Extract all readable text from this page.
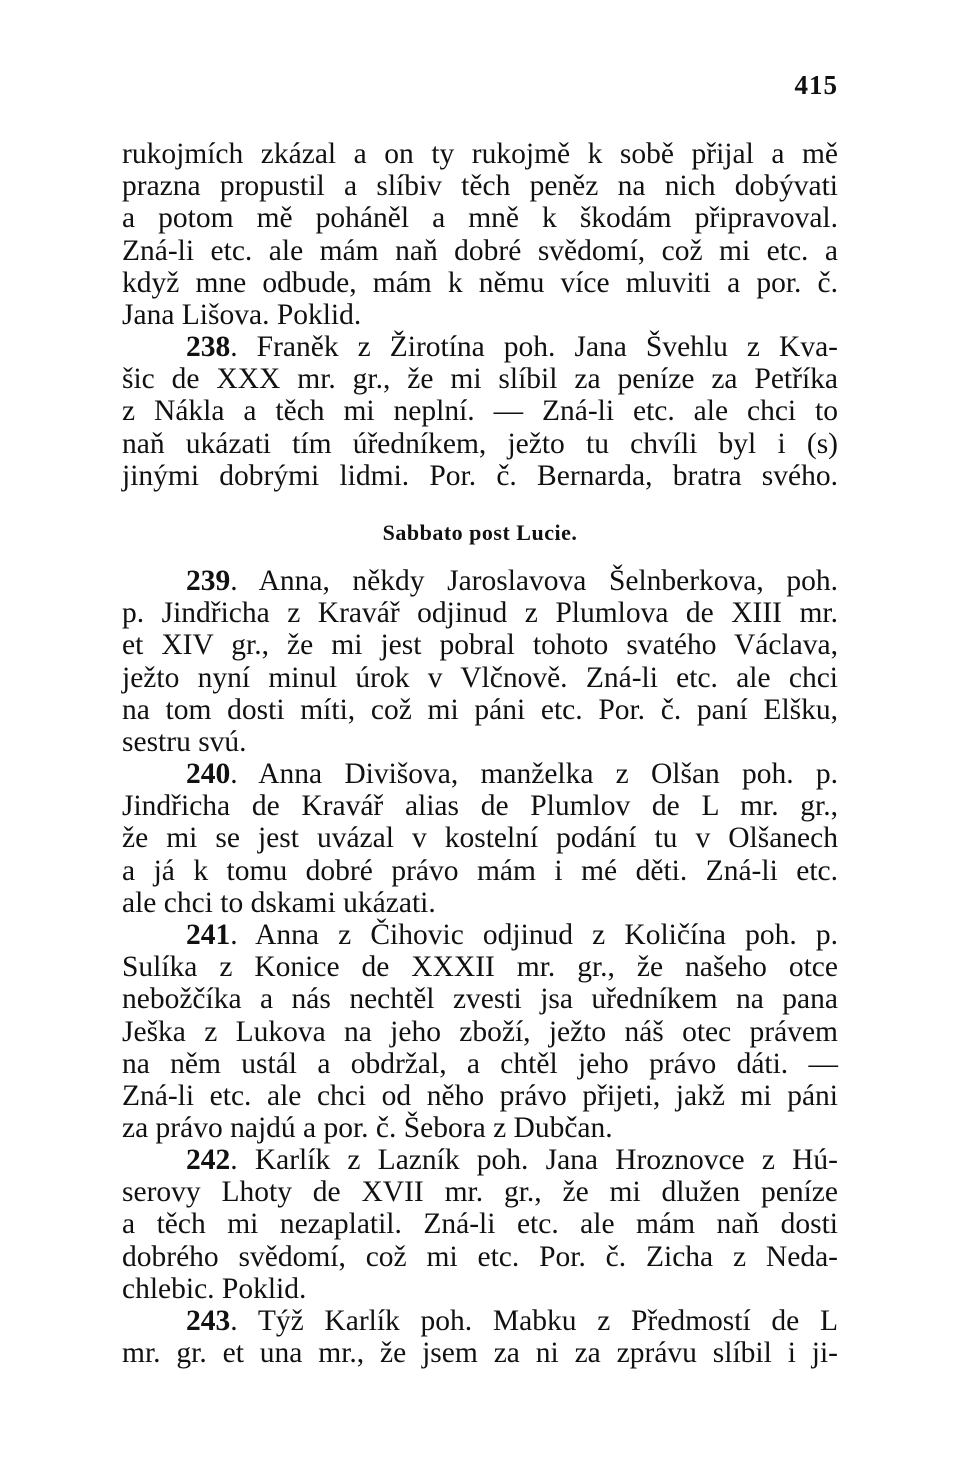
415
rukojmích zkázal a on ty rukojmě k sobě přijal a mě
prazna propustil a slíbiv těch peněz na nich dobývati
a potom mě poháněl a mně k škodám připravoval.
Zná-li etc. ale mám naň dobré svědomí, což mi etc. a
když mne odbude, mám k němu více mluviti a por. č.
Jana Lišova. Poklid.
238. Franěk z Žirotína poh. Jana Švehlu z Kva-
šic de XXX mr. gr., že mi slíbil za peníze za Petříka
z Nákla a těch mi neplní. — Zná-li etc. ale chci to
naň ukázati tím úředníkem, ježto tu chvíli byl i (s)
jinými dobrými lidmi. Por. č. Bernarda, bratra svého.
Sabbato post Lucie.
239. Anna, někdy Jaroslavova Šelnberkova, poh.
p. Jindřicha z Kravář odjinud z Plumlova de XIII mr.
et XIV gr., že mi jest pobral tohoto svatého Václava,
ježto nyní minul úrok v Vlčnově. Zná-li etc. ale chci
na tom dosti míti, což mi páni etc. Por. č. paní Elšku,
sestru svú.
240. Anna Divišova, manželka z Olšan poh. p.
Jindřicha de Kravář alias de Plumlov de L mr. gr.,
že mi se jest uvázal v kostelní podání tu v Olšanech
a já k tomu dobré právo mám i mé děti. Zná-li etc.
ale chci to dskami ukázati.
241. Anna z Čihovic odjinud z Količína poh. p.
Sulíka z Konice de XXXII mr. gr., že našeho otce
nebožčíka a nás nechtěl zvesti jsa uředníkem na pana
Ješka z Lukova na jeho zboží, ježto náš otec právem
na něm ustál a obdržal, a chtěl jeho právo dáti. —
Zná-li etc. ale chci od něho právo přijeti, jakž mi páni
za právo najdú a por. č. Šebora z Dubčan.
242. Karlík z Lazník poh. Jana Hroznovce z Hú-
serovy Lhoty de XVII mr. gr., že mi dlužen peníze
a těch mi nezaplatil. Zná-li etc. ale mám naň dosti
dobrého svědomí, což mi etc. Por. č. Zicha z Neda-
chlebic. Poklid.
243. Týž Karlík poh. Mabku z Předmostí de L
mr. gr. et una mr., že jsem za ni za zprávu slíbil i ji-
